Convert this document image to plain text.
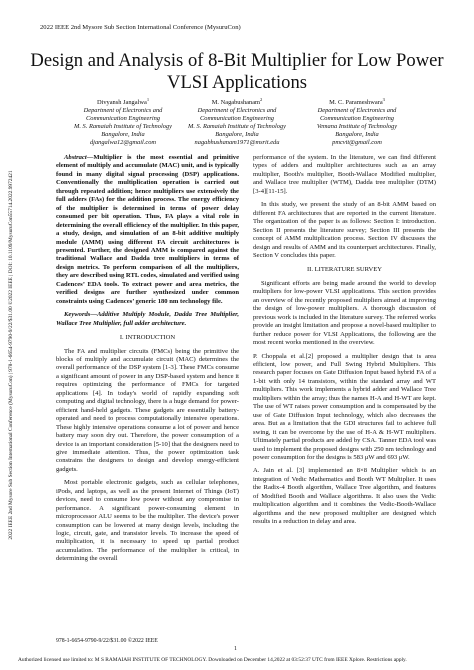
2022 IEEE 2nd Mysore Sub Section International Conference (MysuruCon)
Design and Analysis of 8-Bit Multiplier for Low Power VLSI Applications
Divyansh Jangalwa$^1$
Department of Electronics and
Communication Engineering
M. S. Ramaiah Institute of Technology
Bangalore, India
djangalwa12@gmail.com
M. Nagabushanam$^2$
Department of Electronics and
Communication Engineering
M. S. Ramaiah Institute of Technology
Bangalore, India
nagabhushanam1971@msrit.edu
M. C. Parameshwara$^3$
Department of Electronics and
Communication Engineering
Vemana Institute of Technology
Bangalore, India
pmcvit@gmail.com
2022 IEEE 2nd Mysore Sub Section International Conference (MysuruCon) | 978-1-6654-9790-9/22/$31.00 ©2022 IEEE | DOI: 10.1109/MysuruCon55714.2022.9972421

Abstract—Multiplier is the most essential and primitive element of multiply and accumulate (MAC) unit, and is typically found in many digital signal processing (DSP) applications. Conventionally the multiplication operation is carried out through repeated addition; hence multipliers use extensively the full adders (FAs) for the addition process. The energy efficiency of the multiplier is determined in terms of power delay consumed per bit operation. Thus, FA plays a vital role in determining the overall efficiency of the multiplier. In this paper, a study, design, and simulation of an 8-bit additive multiply module (AMM) using different FA circuit architectures is presented. Further, the designed AMM is compared against the traditional Wallace and Dadda tree multipliers in terms of design metrics. To perform comparison of all the multipliers, they are described using RTL codes, simulated and verified using Cadences’ EDA tools. To extract power and area metrics, the verified designs are further synthesized under common constraints using Cadences’ generic 180 nm technology file.

Keywords—Additive Multiply Module, Dadda Tree Multiplier, Wallace Tree Multiplier, full adder architecture.

I. INTRODUCTION

The FA and multiplier circuits (FMCs) being the primitive the blocks of multiply and accumulate circuit (MAC) determines the overall performance of the DSP system [1-3]. These FMCs consume a significant amount of power in any DSP-based system and hence it requires optimizing the performance of FMCs for targeted applications [4]. In today's world of rapidly expanding soft computing and digital technology, there is a huge demand for power-efficient hand-held gadgets. These gadgets are essentially battery-operated and need to process computationally intensive operations. These highly intensive operations consume a lot of power and hence battery may soon dry out. Therefore, the power consumption of a device is an important consideration [5-10] that the designers need to give immediate attention. Thus, the power optimization task constrains the designers to design and develop energy-efficient gadgets.

Most portable electronic gadgets, such as cellular telephones, iPods, and laptops, as well as the present Internet of Things (IoT) devices, need to consume low power without any compromise in performance. A significant power-consuming element in microprocessor ALU seems to be the multiplier. The device's power consumption can be lowered at many design levels, including the logic, circuit, gate, and transistor levels. To increase the speed of multiplication, it is necessary to speed up partial product accumulation. The performance of the multiplier is critical, in determining the overall

performance of the system. In the literature, we can find different types of adders and multiplier architectures such as an array multiplier, Booth's multiplier, Booth-Wallace Modified multiplier, and Wallace tree multiplier (WTM), Dadda tree multiplier (DTM) [3-4][11-15].

In this study, we present the study of an 8-bit AMM based on different FA architectures that are reported in the current literature. The organization of the paper is as follows: Section I: introduction. Section II presents the literature survey; Section III presents the concept of AMM multiplication process. Section IV discusses the design and results of AMM and its counterpart architectures. Finally, Section V concludes this paper.

II. LITERATURE SURVEY

Significant efforts are being made around the world to develop multipliers for low-power VLSI applications. This section provides an overview of the recently proposed multipliers aimed at improving the design of low-power multipliers. A thorough discussion of previous work is included in the literature survey. The referred works provide an insight limitation and propose a novel-based multiplier to further reduce power for VLSI Applications, the following are the most recent works mentioned in the overview.

P. Choppala et al.[2] proposed a multiplier design that is area efficient, low power, and Full Swing Hybrid Multipliers. This research paper focuses on Gate Diffusion Input based hybrid FA of a 1-bit with only 14 transistors, within the standard array and WT multipliers. This work implements a hybrid adder and Wallace Tree multipliers within the array; thus the names H-A and H-WT are kept. The use of WT raises power consumption and is compensated by the use of Gate Diffusion Input technology, which also decreases the area. But as a limitation that the GDI structures fail to achieve full swing, it can be overcome by the use of H-A & H-WT multipliers. Ultimately partial products are added by CSA. Tanner EDA tool was used to implement the proposed designs with 250 nm technology and power consumption for the designs is 583 μW and 693 μW.

A. Jain et al. [3] implemented an 8×8 Multiplier which is an integration of Vedic Mathematics and Booth WT Multiplier. It uses the Radix-4 Booth algorithm, Wallace Tree algorithm, and features of Modified Booth and Wallace algorithms. It also uses the Vedic multiplication algorithm and it combines the Vedic-Booth-Wallace algorithms and the new proposed multiplier are designed which results in a reduction in delay and area.

978-1-6654-9790-9/22/$31.00 ©2022 IEEE
1
Authorized licensed use limited to: M S RAMAIAH INSTITUTE OF TECHNOLOGY. Downloaded on December 14,2022 at 03:52:37 UTC from IEEE Xplore. Restrictions apply.
